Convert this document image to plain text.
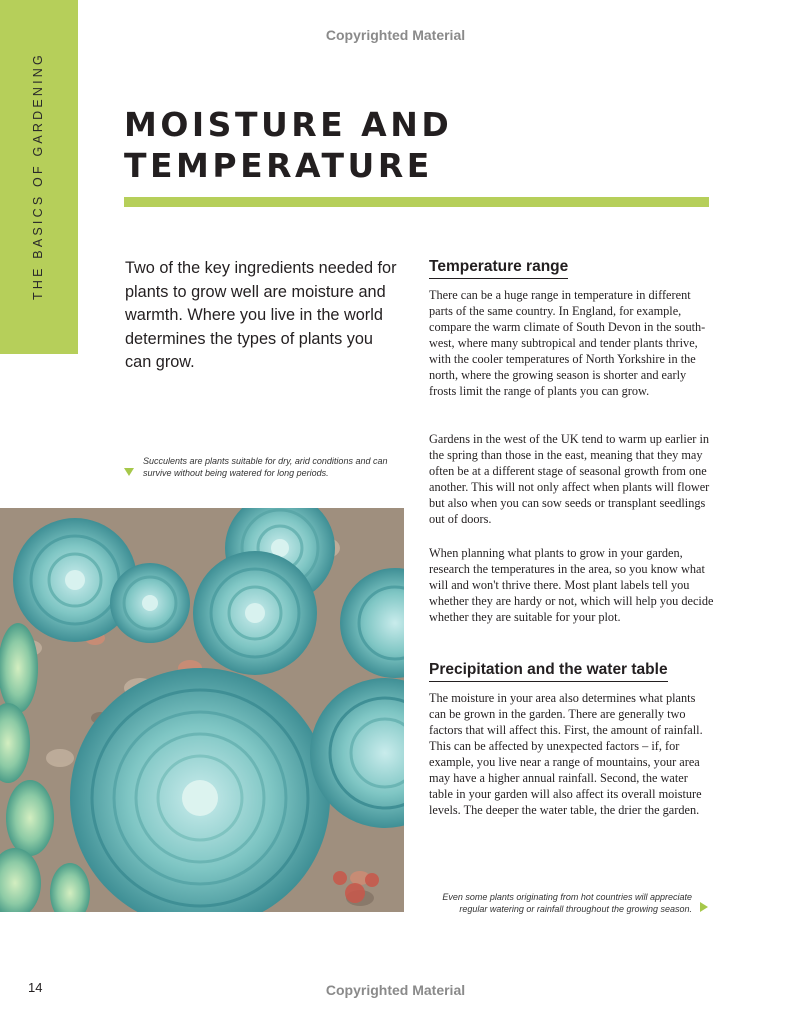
Copyrighted Material
THE BASICS OF GARDENING MOISTURE AND TEMPERATURE

Two of the key ingredients needed for plants to grow well are moisture and warmth. Where you live in the world determines the types of plants you can grow.

Succulents are plants suitable for dry, arid conditions and can survive without being watered for long periods.

Temperature range

There can be a huge range in temperature in different parts of the same country. In England, for example, compare the warm climate of South Devon in the south-west, where many subtropical and tender plants thrive, with the cooler temperatures of North Yorkshire in the north, where the growing season is shorter and early frosts limit the range of plants you can grow.

Gardens in the west of the UK tend to warm up earlier in the spring than those in the east, meaning that they may often be at a different stage of seasonal growth from one another. This will not only affect when plants will flower but also when you can sow seeds or transplant seedlings out of doors.

When planning what plants to grow in your garden, research the temperatures in the area, so you know what will and won't thrive there. Most plant labels tell you whether they are hardy or not, which will help you decide whether they are suitable for your plot.

Precipitation and the water table

The moisture in your area also determines what plants can be grown in the garden. There are generally two factors that will affect this. First, the amount of rainfall. This can be affected by unexpected factors – if, for example, you live near a range of mountains, your area may have a higher annual rainfall. Second, the water table in your garden will also affect its overall moisture levels. The deeper the water table, the drier the garden.

Even some plants originating from hot countries will appreciate regular watering or rainfall throughout the growing season.

14	Copyrighted Material
